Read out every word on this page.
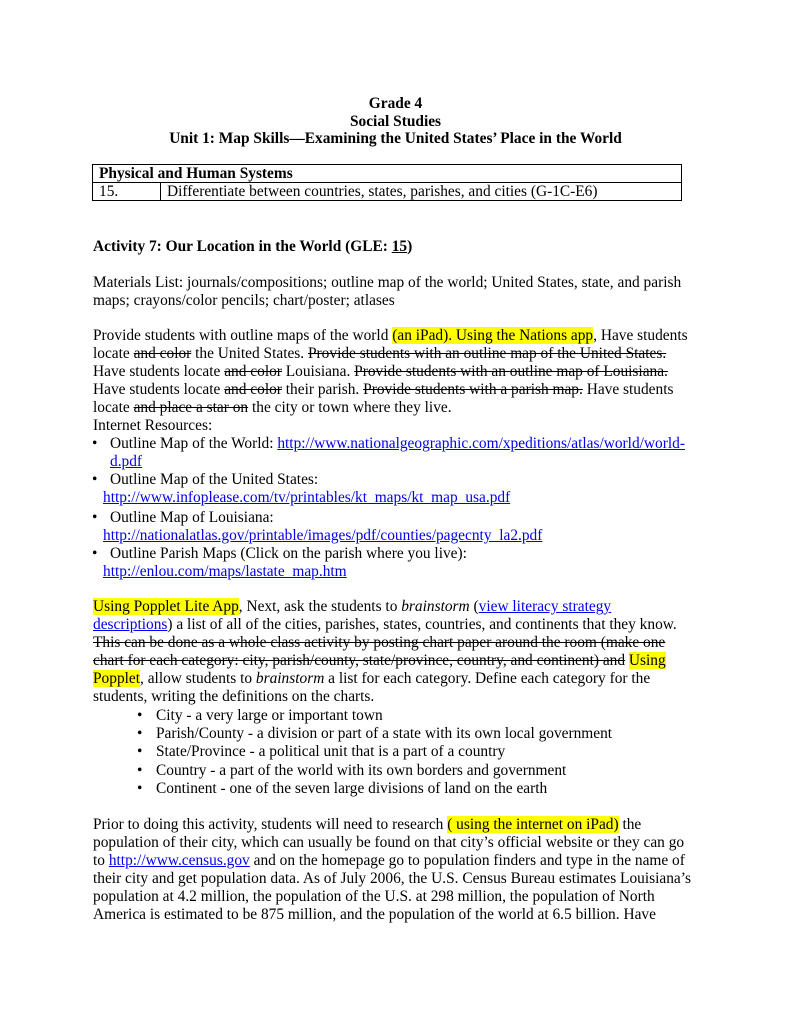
Grade 4
Social Studies
Unit 1: Map Skills—Examining the United States’ Place in the World
Physical and Human Systems
15.	Differentiate between countries, states, parishes, and cities (G-1C-E6)
Activity 7: Our Location in the World (GLE: 15)
Materials List: journals/compositions; outline map of the world; United States, state, and parish
maps; crayons/color pencils; chart/poster; atlases
Provide students with outline maps of the world (an iPad). Using the Nations app, Have students
locate and color the United States. Provide students with an outline map of the United States.
Have students locate and color Louisiana. Provide students with an outline map of Louisiana.
Have students locate and color their parish. Provide students with a parish map. Have students
locate and place a star on the city or town where they live.
Internet Resources:
• Outline Map of the World: http://www.nationalgeographic.com/xpeditions/atlas/world/world-
d.pdf
• Outline Map of the United States:
http://www.infoplease.com/tv/printables/kt_maps/kt_map_usa.pdf
• Outline Map of Louisiana:
http://nationalatlas.gov/printable/images/pdf/counties/pagecnty_la2.pdf
• Outline Parish Maps (Click on the parish where you live):
http://enlou.com/maps/lastate_map.htm
Using Popplet Lite App, Next, ask the students to brainstorm (view literacy strategy
descriptions) a list of all of the cities, parishes, states, countries, and continents that they know.
This can be done as a whole class activity by posting chart paper around the room (make one
chart for each category: city, parish/county, state/province, country, and continent) and Using
Popplet, allow students to brainstorm a list for each category. Define each category for the
students, writing the definitions on the charts.
• City - a very large or important town
• Parish/County - a division or part of a state with its own local government
• State/Province - a political unit that is a part of a country
• Country - a part of the world with its own borders and government
• Continent - one of the seven large divisions of land on the earth
Prior to doing this activity, students will need to research ( using the internet on iPad) the
population of their city, which can usually be found on that city’s official website or they can go
to http://www.census.gov and on the homepage go to population finders and type in the name of
their city and get population data. As of July 2006, the U.S. Census Bureau estimates Louisiana’s
population at 4.2 million, the population of the U.S. at 298 million, the population of North
America is estimated to be 875 million, and the population of the world at 6.5 billion. Have
